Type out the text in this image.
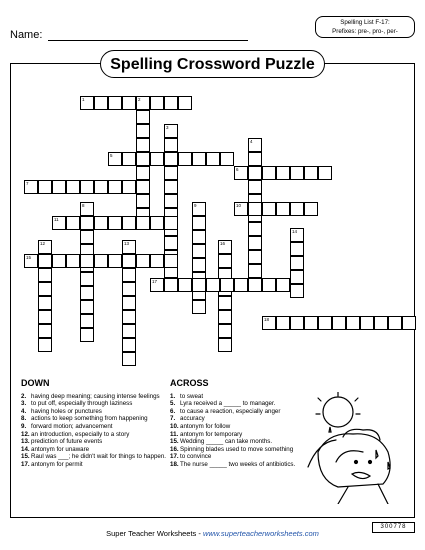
Name:
Spelling List F-17:
Prefixes: pre-, pro-, per-
Spelling Crossword Puzzle
1	2
3
4
5
6
7
8	9	10
11
12	13
14
15
16
17
18
DOWN
2. having deep meaning; causing intense feelings
3. to put off, especially through laziness
4. having holes or punctures
8. actions to keep something from happening
9. forward motion; advancement
12. an introduction, especially to a story
13. prediction of future events
14. antonym for unaware
15. Raul was ___; he didn't wait for things to happen.
17. antonym for permit
ACROSS
1. to sweat
5. Lyra received a _____ to manager.
6. to cause a reaction, especially anger
7. accuracy
10. antonym for follow
11. antonym for temporary
15. Wedding _____ can take months.
16. Spinning blades used to move something
17. to convince
18. The nurse _____ two weeks of antibiotics.
Super Teacher Worksheets - www.superteacherworksheets.com
300778
